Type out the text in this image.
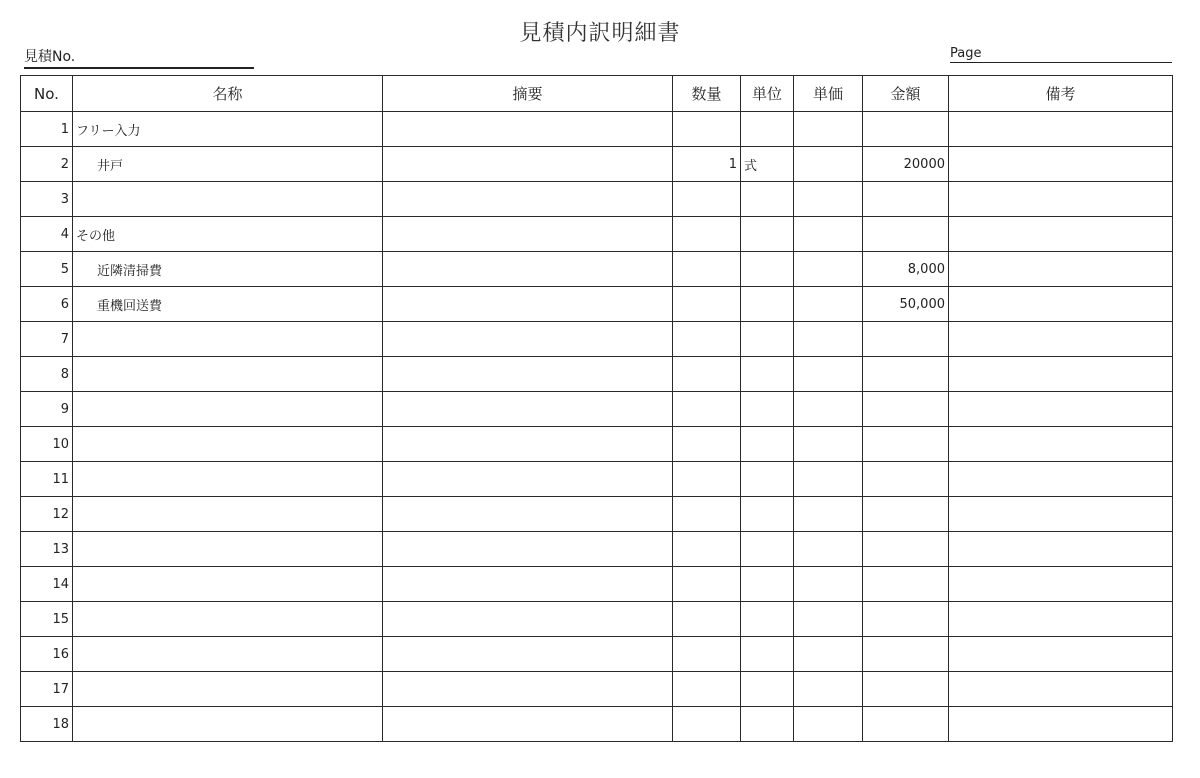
見積内訳明細書
見積No.	Page
No.	名称	摘要	数量	単位	単価	金額	備考
1	フリー入力						
2	井戸		1	式		20000	
3							
4	その他						
5	近隣清掃費					8,000	
6	重機回送費					50,000	
7							
8							
9							
10							
11							
12							
13							
14							
15							
16							
17							
18							
